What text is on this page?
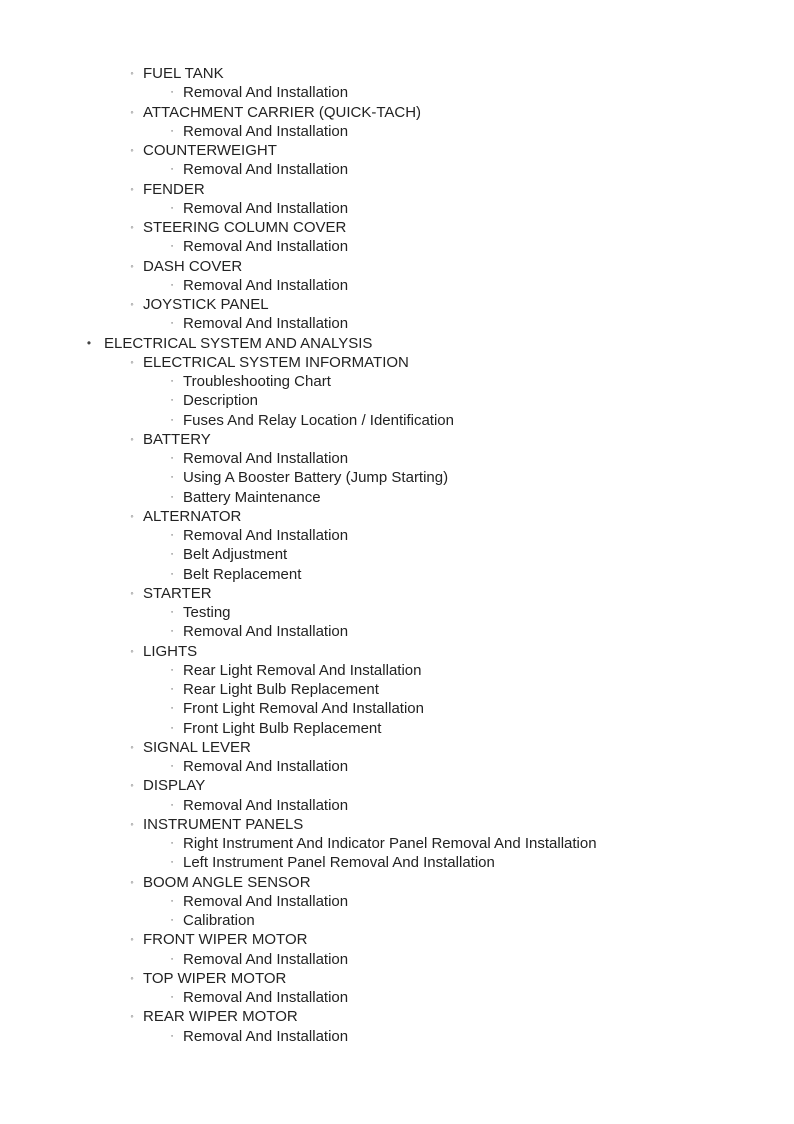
◦ FUEL TANK
◦ Removal And Installation
◦ ATTACHMENT CARRIER (QUICK-TACH)
◦ Removal And Installation
◦ COUNTERWEIGHT
◦ Removal And Installation
◦ FENDER
◦ Removal And Installation
◦ STEERING COLUMN COVER
◦ Removal And Installation
◦ DASH COVER
◦ Removal And Installation
◦ JOYSTICK PANEL
◦ Removal And Installation
• ELECTRICAL SYSTEM AND ANALYSIS
◦ ELECTRICAL SYSTEM INFORMATION
◦ Troubleshooting Chart
◦ Description
◦ Fuses And Relay Location / Identification
◦ BATTERY
◦ Removal And Installation
◦ Using A Booster Battery (Jump Starting)
◦ Battery Maintenance
◦ ALTERNATOR
◦ Removal And Installation
◦ Belt Adjustment
◦ Belt Replacement
◦ STARTER
◦ Testing
◦ Removal And Installation
◦ LIGHTS
◦ Rear Light Removal And Installation
◦ Rear Light Bulb Replacement
◦ Front Light Removal And Installation
◦ Front Light Bulb Replacement
◦ SIGNAL LEVER
◦ Removal And Installation
◦ DISPLAY
◦ Removal And Installation
◦ INSTRUMENT PANELS
◦ Right Instrument And Indicator Panel Removal And Installation
◦ Left Instrument Panel Removal And Installation
◦ BOOM ANGLE SENSOR
◦ Removal And Installation
◦ Calibration
◦ FRONT WIPER MOTOR
◦ Removal And Installation
◦ TOP WIPER MOTOR
◦ Removal And Installation
◦ REAR WIPER MOTOR
◦ Removal And Installation
